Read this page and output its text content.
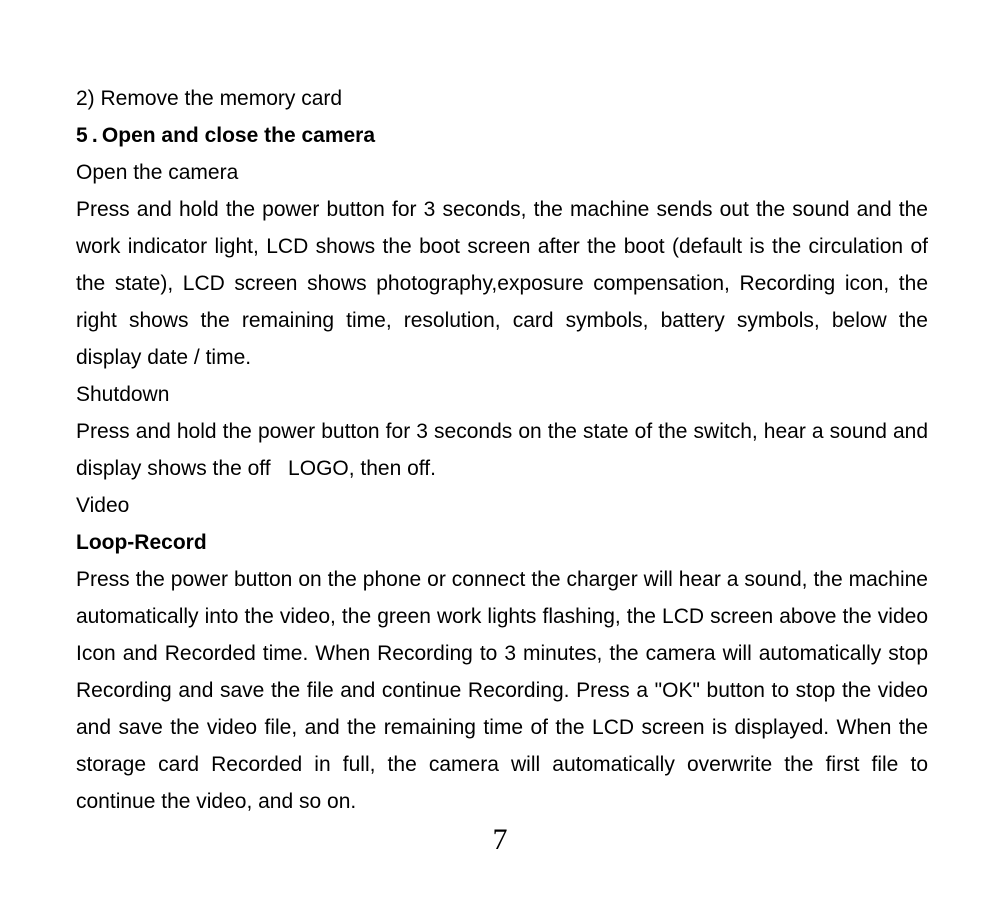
2) Remove the memory card

5 . Open and close the camera

Open the camera

Press and hold the power button for 3 seconds, the machine sends out the sound and the work indicator light, LCD shows the boot screen after the boot (default is the circulation of the state), LCD screen shows photography,exposure compensation, Recording icon, the right shows the remaining time, resolution, card symbols, battery symbols, below the display date / time.

Shutdown

Press and hold the power button for 3 seconds on the state of the switch, hear a sound and display shows the off   LOGO, then off.

Video

Loop-Record

Press the power button on the phone or connect the charger will hear a sound, the machine automatically into the video, the green work lights flashing, the LCD screen above the video Icon and Recorded time. When Recording to 3 minutes, the camera will automatically stop Recording and save the file and continue Recording. Press a "OK" button to stop the video and save the video file, and the remaining time of the LCD screen is displayed. When the storage card Recorded in full, the camera will automatically overwrite the first file to continue the video, and so on.

7
